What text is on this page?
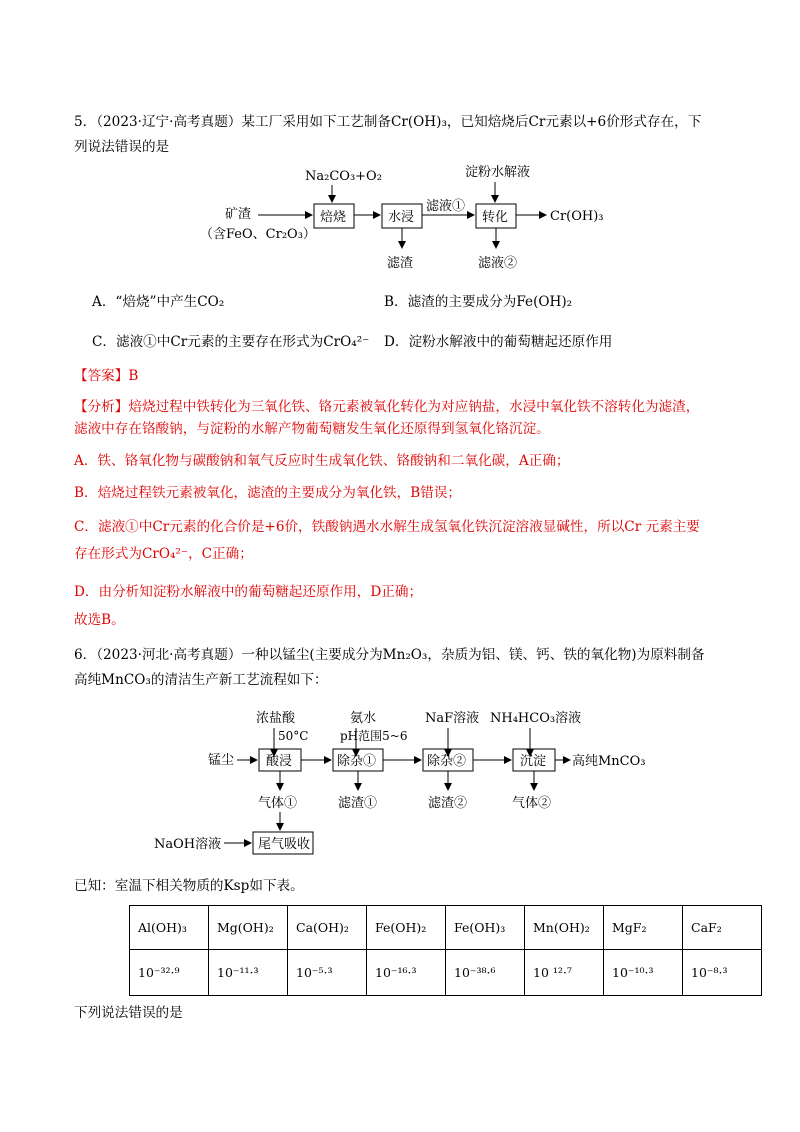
5．（2023·辽宁·高考真题）某工厂采用如下工艺制备Cr(OH)₃，已知焙烧后Cr元素以+6价形式存在，下
列说法错误的是
Na₂CO₃+O₂	淀粉水解液
矿渣
（含FeO、Cr₂O₃）
焙烧	水浸
滤液①
转化	Cr(OH)₃
滤渣	滤液②
A．“焙烧”中产生CO₂	B．滤渣的主要成分为Fe(OH)₂
C．滤液①中Cr元素的主要存在形式为CrO₄²⁻ D．淀粉水解液中的葡萄糖起还原作用
【答案】B
【分析】焙烧过程中铁转化为三氧化铁、铬元素被氧化转化为对应钠盐，水浸中氧化铁不溶转化为滤渣，
滤液中存在铬酸钠，与淀粉的水解产物葡萄糖发生氧化还原得到氢氧化铬沉淀。
A．铁、铬氧化物与碳酸钠和氧气反应时生成氧化铁、铬酸钠和二氧化碳，A正确；
B．焙烧过程铁元素被氧化，滤渣的主要成分为氧化铁，B错误；
C．滤液①中Cr元素的化合价是+6价，铁酸钠遇水水解生成氢氧化铁沉淀溶液显碱性，所以Cr 元素主要
存在形式为CrO₄²⁻，C正确；
D．由分析知淀粉水解液中的葡萄糖起还原作用，D正确；
故选B。
6．（2023·河北·高考真题）一种以锰尘(主要成分为Mn₂O₃，杂质为铝、镁、钙、铁的氧化物)为原料制备
高纯MnCO₃的清洁生产新工艺流程如下：
浓盐酸
50°C
氨水
pH范围5~6
NaF溶液 NH₄HCO₃溶液
锰尘 酸浸	除杂①	除杂②	沉淀 高纯MnCO₃
气体①	滤渣①	滤渣②	气体②
NaOH溶液	尾气吸收
已知：室温下相关物质的Ksp如下表。
Al(OH)₃	Mg(OH)₂	Ca(OH)₂	Fe(OH)₂	Fe(OH)₃	Mn(OH)₂	MgF₂	CaF₂
10⁻³²·⁹	10⁻¹¹·³	10⁻⁵·³	10⁻¹⁶·³	10⁻³⁸·⁶	10 ¹²·⁷	10⁻¹⁰·³	10⁻⁸·³
下列说法错误的是
